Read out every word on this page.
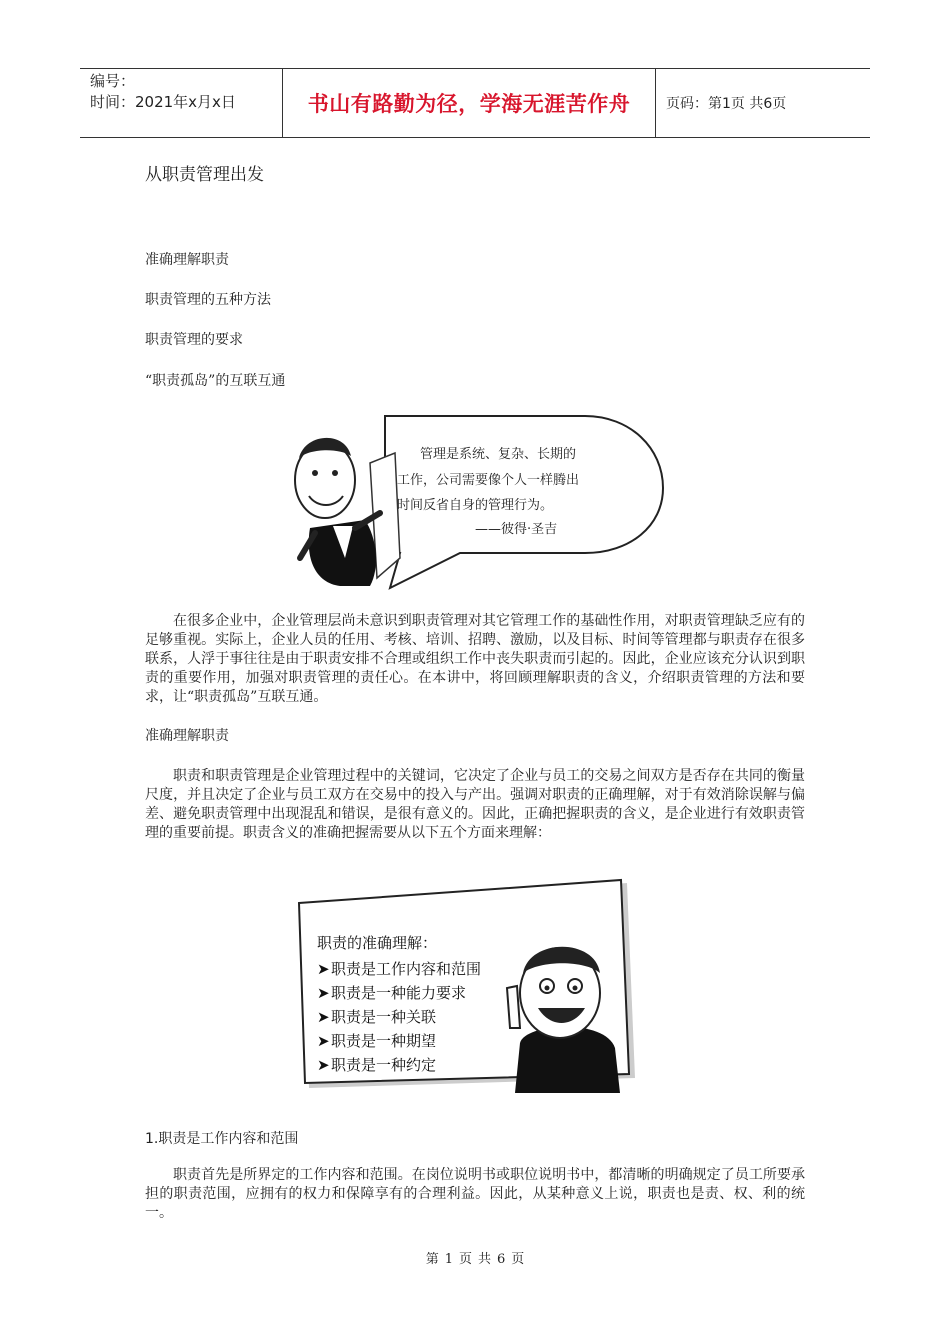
编号：
时间：2021年x月x日	书山有路勤为径，学海无涯苦作舟	页码：第1页 共6页
从职责管理出发
准确理解职责
职责管理的五种方法
职责管理的要求
“职责孤岛”的互联互通
管理是系统、复杂、长期的
工作，公司需要像个人一样腾出
时间反省自身的管理行为。
——彼得·圣吉
在很多企业中，企业管理层尚未意识到职责管理对其它管理工作的基础性作用，对职责管理缺乏应有的足够重视。实际上，企业人员的任用、考核、培训、招聘、激励，以及目标、时间等管理都与职责存在很多联系，人浮于事往往是由于职责安排不合理或组织工作中丧失职责而引起的。因此，企业应该充分认识到职责的重要作用，加强对职责管理的责任心。在本讲中，将回顾理解职责的含义，介绍职责管理的方法和要求，让“职责孤岛”互联互通。
准确理解职责
职责和职责管理是企业管理过程中的关键词，它决定了企业与员工的交易之间双方是否存在共同的衡量尺度，并且决定了企业与员工双方在交易中的投入与产出。强调对职责的正确理解，对于有效消除误解与偏差、避免职责管理中出现混乱和错误，是很有意义的。因此，正确把握职责的含义，是企业进行有效职责管理的重要前提。职责含义的准确把握需要从以下五个方面来理解：
职责的准确理解：
➤ 职责是工作内容和范围
➤ 职责是一种能力要求
➤ 职责是一种关联
➤ 职责是一种期望
➤ 职责是一种约定
1.职责是工作内容和范围
职责首先是所界定的工作内容和范围。在岗位说明书或职位说明书中，都清晰的明确规定了员工所要承担的职责范围，应拥有的权力和保障享有的合理利益。因此，从某种意义上说，职责也是责、权、利的统一。
第 1 页 共 6 页
